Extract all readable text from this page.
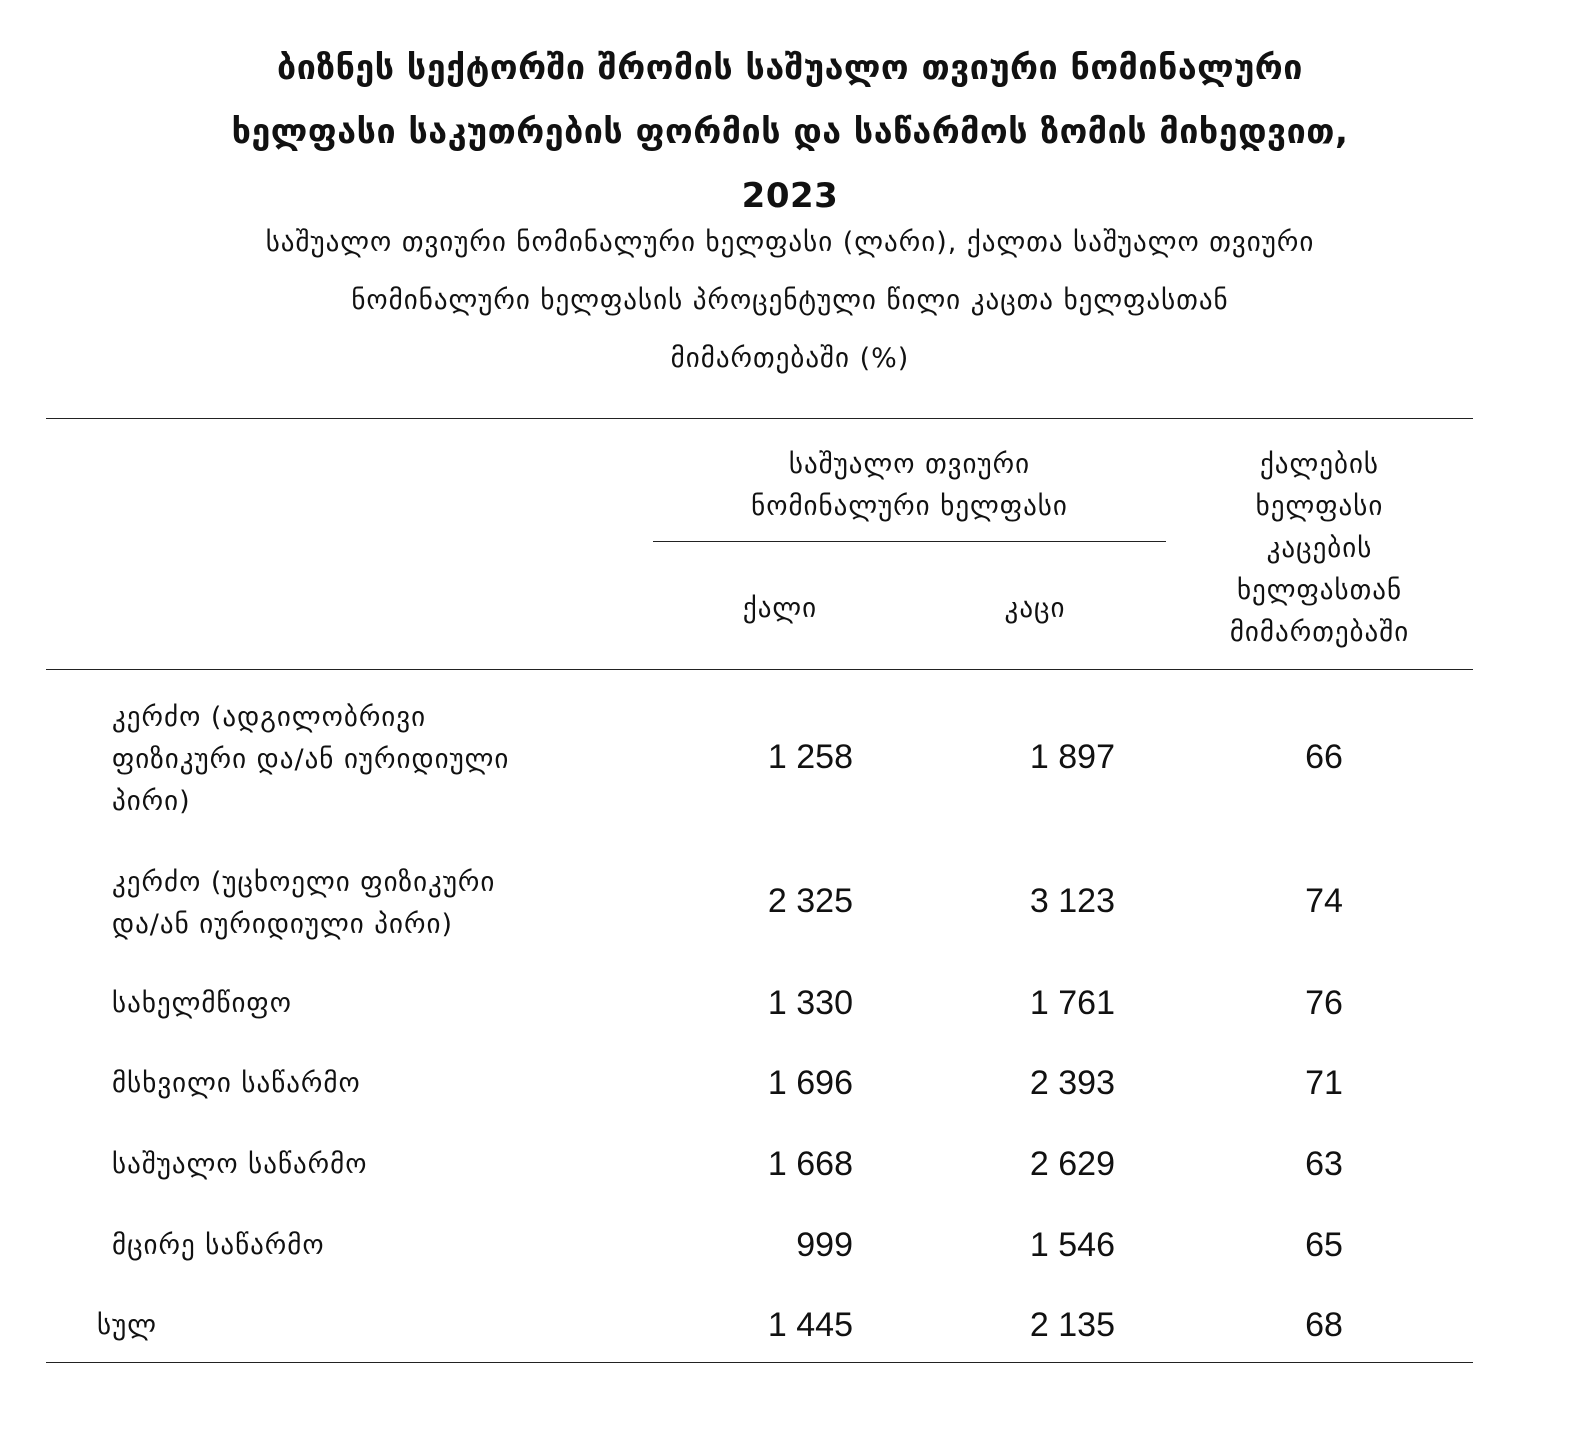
ბიზნეს სექტორში შრომის საშუალო თვიური ნომინალური
ხელფასი საკუთრების ფორმის და საწარმოს ზომის მიხედვით,
2023
საშუალო თვიური ნომინალური ხელფასი (ლარი), ქალთა საშუალო თვიური
ნომინალური ხელფასის პროცენტული წილი კაცთა ხელფასთან
მიმართებაში (%)
საშუალო თვიური
ნომინალური ხელფასი
ქალი	კაცი
ქალების
ხელფასი
კაცების
ხელფასთან
მიმართებაში
კერძო (ადგილობრივი
ფიზიკური და/ან იურიდიული
პირი)
1 258	1 897	66
კერძო (უცხოელი ფიზიკური
და/ან იურიდიული პირი)
2 325	3 123	74
სახელმწიფო	1 330	1 761	76
მსხვილი საწარმო	1 696	2 393	71
საშუალო საწარმო	1 668	2 629	63
მცირე საწარმო	999	1 546	65
სულ	1 445	2 135	68
